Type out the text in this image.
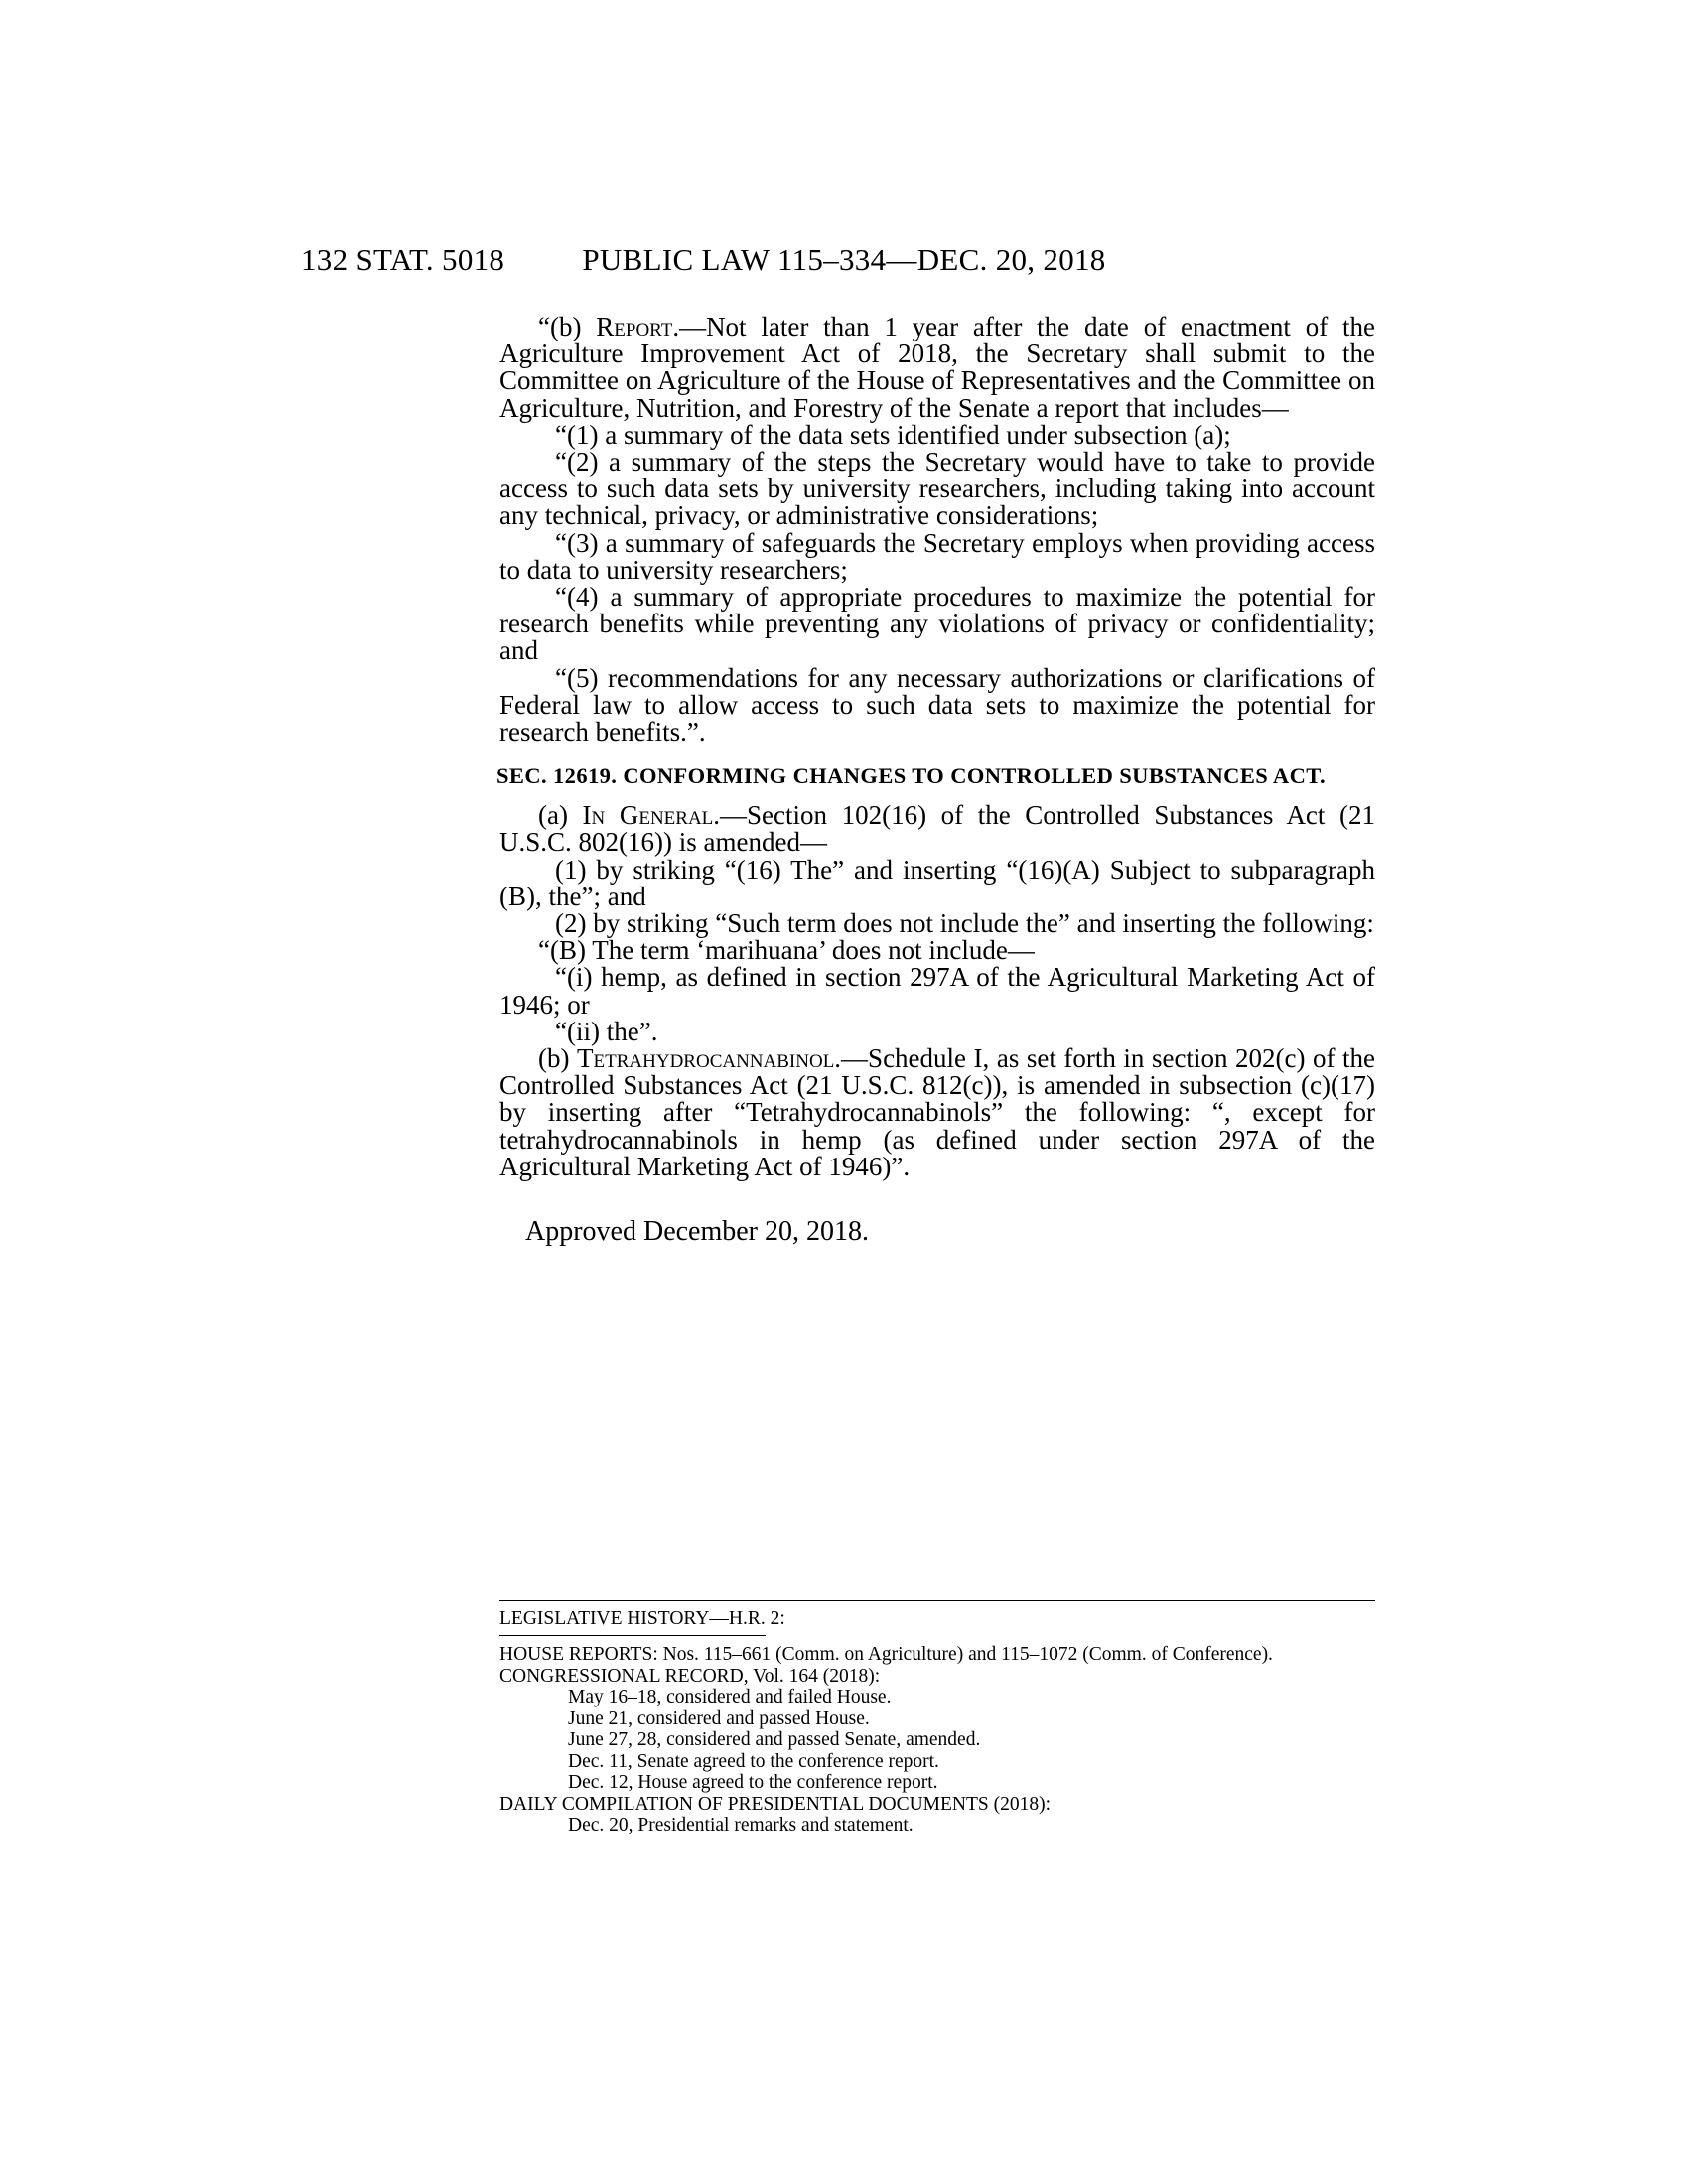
132 STAT. 5018	PUBLIC LAW 115–334—DEC. 20, 2018

“(b) Report.—Not later than 1 year after the date of enactment of the Agriculture Improvement Act of 2018, the Secretary shall submit to the Committee on Agriculture of the House of Representatives and the Committee on Agriculture, Nutrition, and Forestry of the Senate a report that includes—

“(1) a summary of the data sets identified under subsection (a);

“(2) a summary of the steps the Secretary would have to take to provide access to such data sets by university researchers, including taking into account any technical, privacy, or administrative considerations;

“(3) a summary of safeguards the Secretary employs when providing access to data to university researchers;

“(4) a summary of appropriate procedures to maximize the potential for research benefits while preventing any violations of privacy or confidentiality; and

“(5) recommendations for any necessary authorizations or clarifications of Federal law to allow access to such data sets to maximize the potential for research benefits.”.

SEC. 12619. CONFORMING CHANGES TO CONTROLLED SUBSTANCES ACT.

(a) In General.—Section 102(16) of the Controlled Substances Act (21 U.S.C. 802(16)) is amended—

(1) by striking “(16) The” and inserting “(16)(A) Subject to subparagraph (B), the”; and

(2) by striking “Such term does not include the” and inserting the following:

“(B) The term ‘marihuana’ does not include—

“(i) hemp, as defined in section 297A of the Agricultural Marketing Act of 1946; or

“(ii) the”.

(b) Tetrahydrocannabinol.—Schedule I, as set forth in section 202(c) of the Controlled Substances Act (21 U.S.C. 812(c)), is amended in subsection (c)(17) by inserting after “Tetrahydrocannabinols” the following: “, except for tetrahydrocannabinols in hemp (as defined under section 297A of the Agricultural Marketing Act of 1946)”.

Approved December 20, 2018.

LEGISLATIVE HISTORY—H.R. 2:

HOUSE REPORTS: Nos. 115–661 (Comm. on Agriculture) and 115–1072 (Comm. of Conference).

CONGRESSIONAL RECORD, Vol. 164 (2018):

May 16–18, considered and failed House.

June 21, considered and passed House.

June 27, 28, considered and passed Senate, amended.

Dec. 11, Senate agreed to the conference report.

Dec. 12, House agreed to the conference report.

DAILY COMPILATION OF PRESIDENTIAL DOCUMENTS (2018):

Dec. 20, Presidential remarks and statement.
